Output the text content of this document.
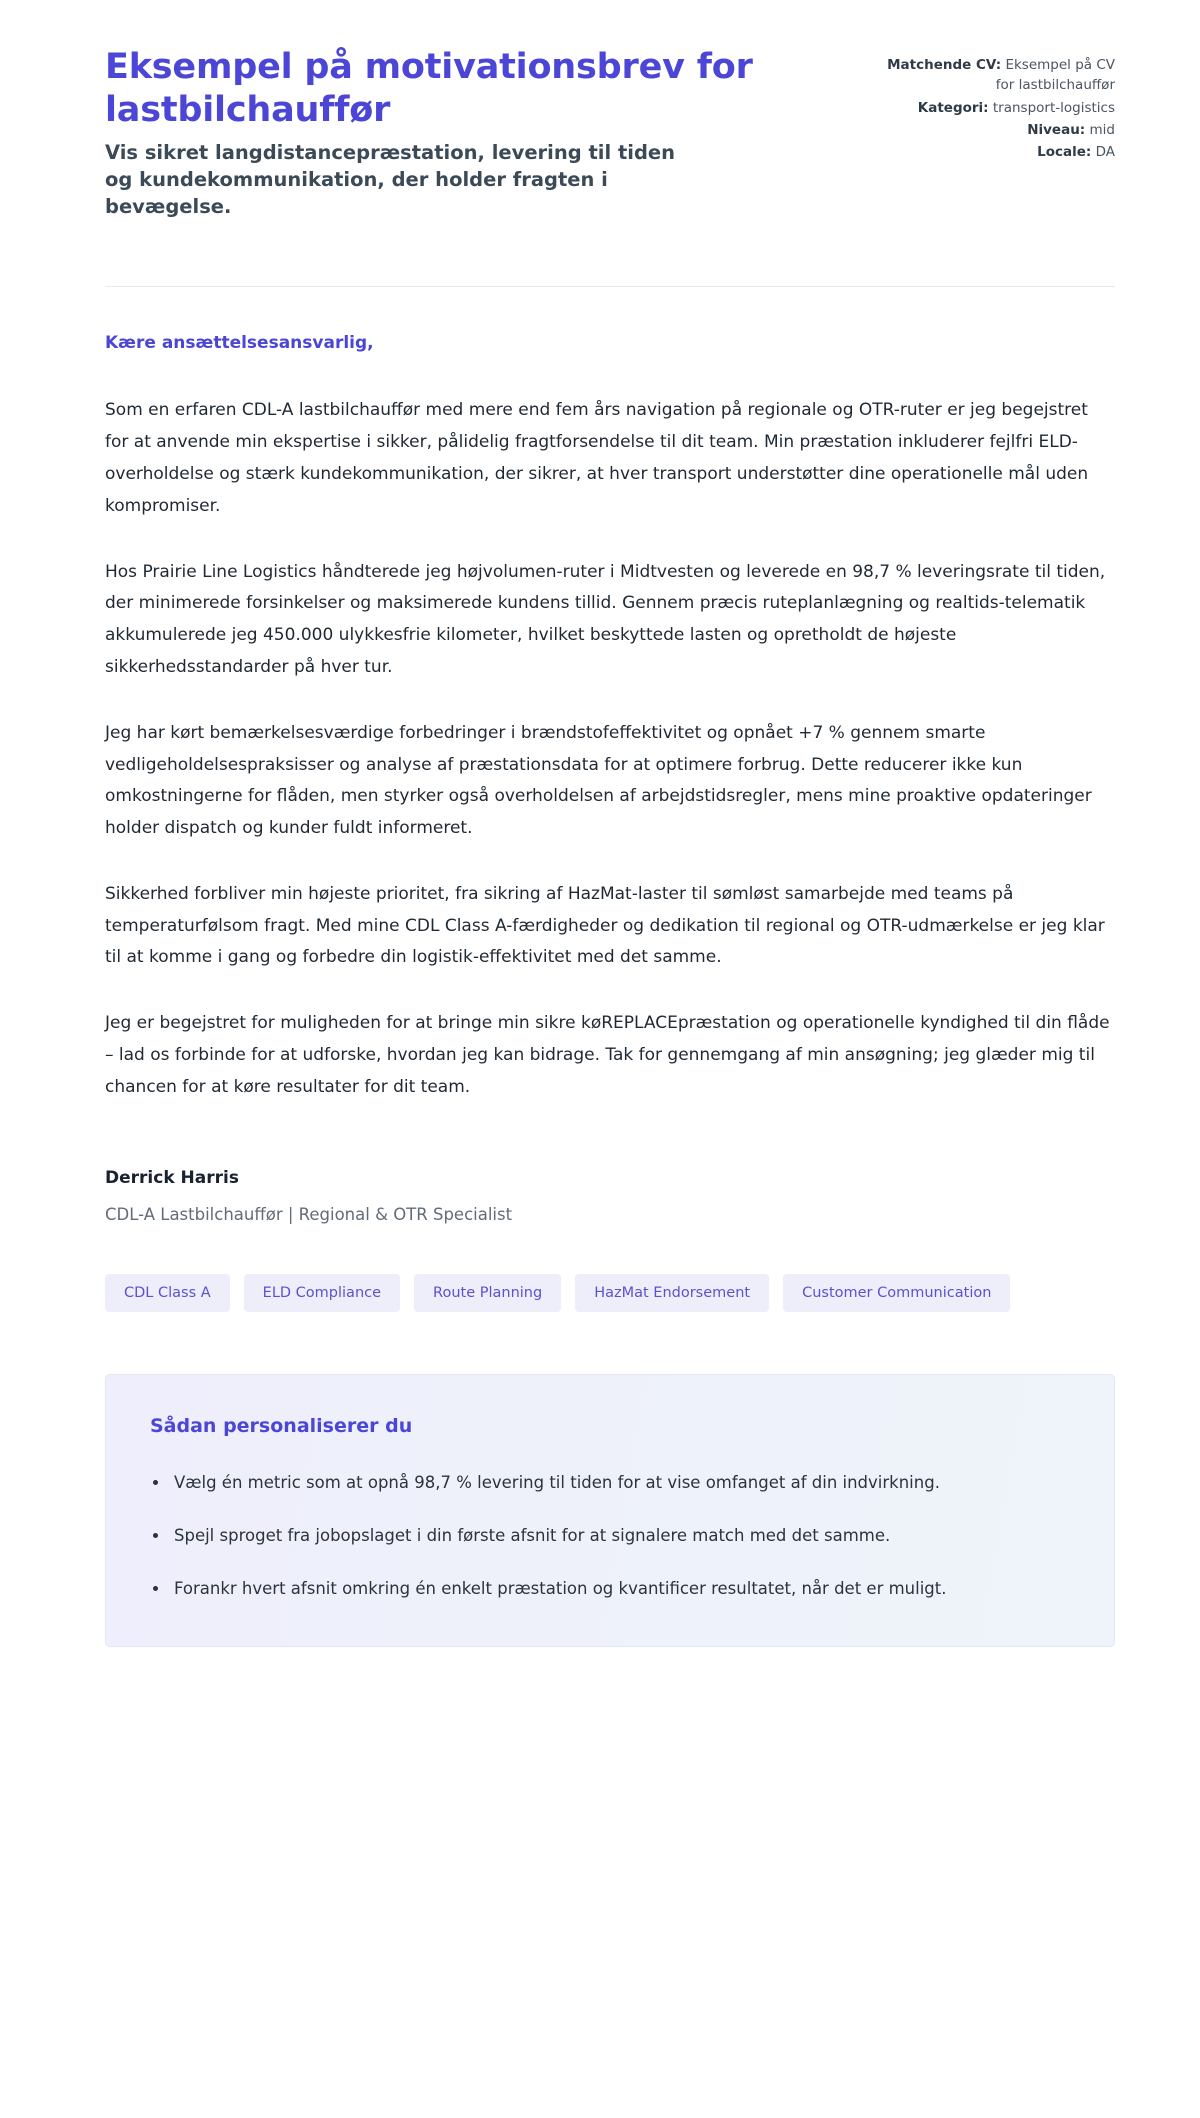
Eksempel på motivationsbrev for lastbilchauffør

Vis sikret langdistancepræstation, levering til tiden og kundekommunikation, der holder fragten i bevægelse.

Matchende CV: Eksempel på CV for lastbilchauffør
Kategori: transport-logistics
Niveau: mid
Locale: DA

Kære ansættelsesansvarlig,

Som en erfaren CDL-A lastbilchauffør med mere end fem års navigation på regionale og OTR-ruter er jeg begejstret for at anvende min ekspertise i sikker, pålidelig fragtforsendelse til dit team. Min præstation inkluderer fejlfri ELD-overholdelse og stærk kundekommunikation, der sikrer, at hver transport understøtter dine operationelle mål uden kompromiser.

Hos Prairie Line Logistics håndterede jeg højvolumen-ruter i Midtvesten og leverede en 98,7 % leveringsrate til tiden, der minimerede forsinkelser og maksimerede kundens tillid. Gennem præcis ruteplanlægning og realtids-telematik akkumulerede jeg 450.000 ulykkesfrie kilometer, hvilket beskyttede lasten og opretholdt de højeste sikkerhedsstandarder på hver tur.

Jeg har kørt bemærkelsesværdige forbedringer i brændstofeffektivitet og opnået +7 % gennem smarte vedligeholdelsespraksisser og analyse af præstationsdata for at optimere forbrug. Dette reducerer ikke kun omkostningerne for flåden, men styrker også overholdelsen af arbejdstidsregler, mens mine proaktive opdateringer holder dispatch og kunder fuldt informeret.

Sikkerhed forbliver min højeste prioritet, fra sikring af HazMat-laster til sømløst samarbejde med teams på temperaturfølsom fragt. Med mine CDL Class A-færdigheder og dedikation til regional og OTR-udmærkelse er jeg klar til at komme i gang og forbedre din logistik-effektivitet med det samme.

Jeg er begejstret for muligheden for at bringe min sikre køREPLACEpræstation og operationelle kyndighed til din flåde – lad os forbinde for at udforske, hvordan jeg kan bidrage. Tak for gennemgang af min ansøgning; jeg glæder mig til chancen for at køre resultater for dit team.

Derrick Harris
CDL-A Lastbilchauffør | Regional & OTR Specialist
CDL Class A	ELD Compliance	Route Planning	HazMat Endorsement	Customer Communication
Sådan personaliserer du
Vælg én metric som at opnå 98,7 % levering til tiden for at vise omfanget af din indvirkning.
Spejl sproget fra jobopslaget i din første afsnit for at signalere match med det samme.
Forankr hvert afsnit omkring én enkelt præstation og kvantificer resultatet, når det er muligt.
